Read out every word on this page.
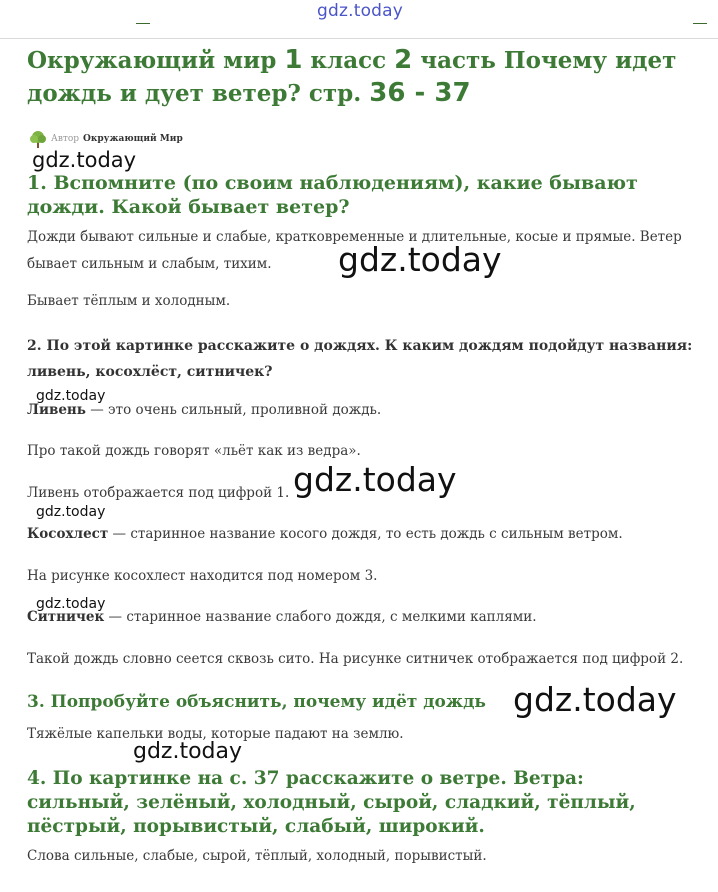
gdz.today
Окружающий мир 1 класс 2 часть Почему идет дождь и дует ветер? стр. 36 - 37
Автор Окружающий Мир
gdz.today
1. Вспомните (по своим наблюдениям), какие бывают дожди. Какой бывает ветер?

Дожди бывают сильные и слабые, кратковременные и длительные, косые и прямые. Ветер бывает сильным и слабым, тихим.	gdz.today

Бывает тёплым и холодным.

2. По этой картинке расскажите о дождях. К каким дождям подойдут названия: ливень, косохлёст, ситничек?
gdz.today

Ливень — это очень сильный, проливной дождь.

Про такой дождь говорят «льёт как из ведра».

gdz.today

Ливень отображается под цифрой 1.

gdz.today

Косохлест — старинное название косого дождя, то есть дождь с сильным ветром.

На рисунке косохлест находится под номером 3.

gdz.today

Ситничек — старинное название слабого дождя, с мелкими каплями.

Такой дождь словно сеется сквозь сито. На рисунке ситничек отображается под цифрой 2.

3. Попробуйте объяснить, почему идёт дождь gdz.today

Тяжёлые капельки воды, которые падают на землю.

gdz.today
4. По картинке на с. 37 расскажите о ветре. Ветра: сильный, зелёный, холодный, сырой, сладкий, тёплый, пёстрый, порывистый, слабый, широкий.

Слова сильные, слабые, сырой, тёплый, холодный, порывистый.
